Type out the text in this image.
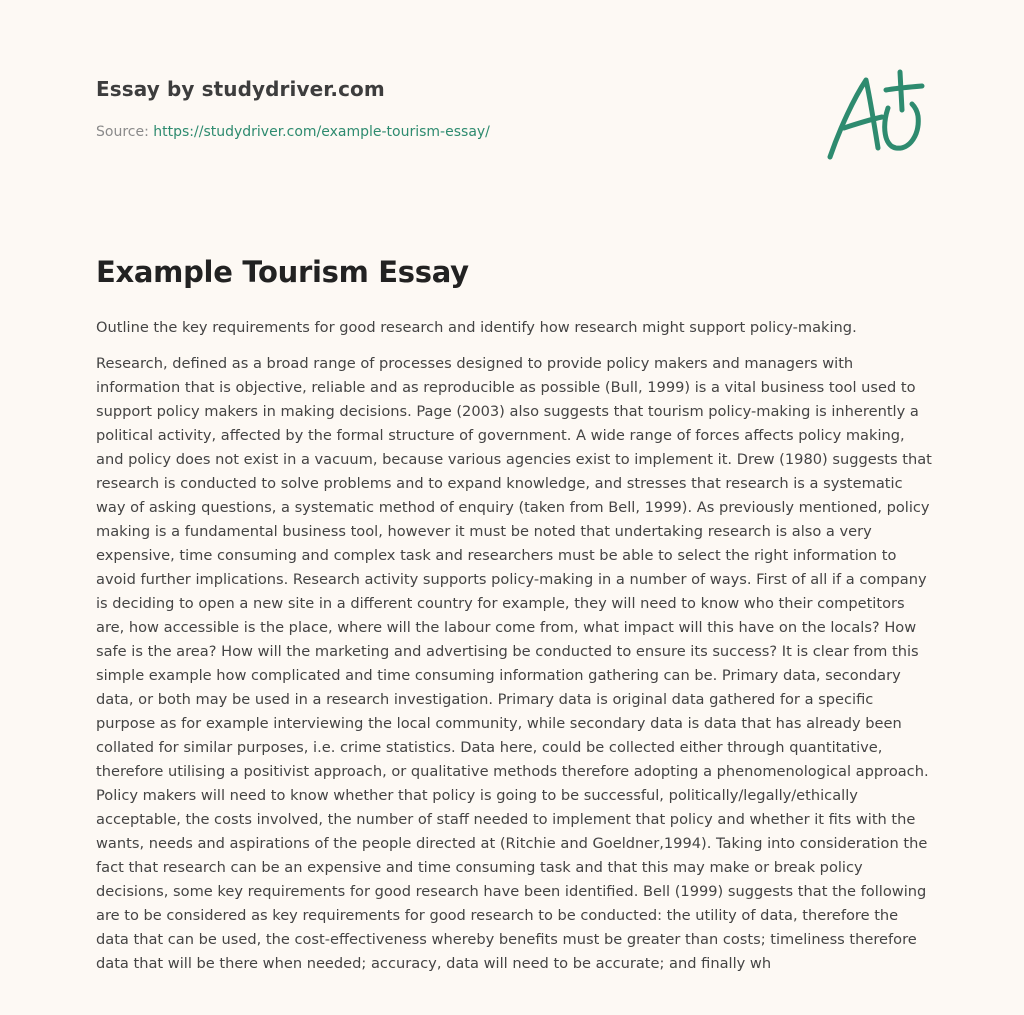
Essay by studydriver.com

Source: https://studydriver.com/example-tourism-essay/

Example Tourism Essay

Outline the key requirements for good research and identify how research might support policy-making.

Research, defined as a broad range of processes designed to provide policy makers and managers with information that is objective, reliable and as reproducible as possible (Bull, 1999) is a vital business tool used to support policy makers in making decisions. Page (2003) also suggests that tourism policy-making is inherently a political activity, affected by the formal structure of government. A wide range of forces affects policy making, and policy does not exist in a vacuum, because various agencies exist to implement it. Drew (1980) suggests that research is conducted to solve problems and to expand knowledge, and stresses that research is a systematic way of asking questions, a systematic method of enquiry (taken from Bell, 1999). As previously mentioned, policy making is a fundamental business tool, however it must be noted that undertaking research is also a very expensive, time consuming and complex task and researchers must be able to select the right information to avoid further implications. Research activity supports policy-making in a number of ways. First of all if a company is deciding to open a new site in a different country for example, they will need to know who their competitors are, how accessible is the place, where will the labour come from, what impact will this have on the locals? How safe is the area? How will the marketing and advertising be conducted to ensure its success? It is clear from this simple example how complicated and time consuming information gathering can be. Primary data, secondary data, or both may be used in a research investigation. Primary data is original data gathered for a specific purpose as for example interviewing the local community, while secondary data is data that has already been collated for similar purposes, i.e. crime statistics. Data here, could be collected either through quantitative, therefore utilising a positivist approach, or qualitative methods therefore adopting a phenomenological approach. Policy makers will need to know whether that policy is going to be successful, politically/legally/ethically acceptable, the costs involved, the number of staff needed to implement that policy and whether it fits with the wants, needs and aspirations of the people directed at (Ritchie and Goeldner,1994). Taking into consideration the fact that research can be an expensive and time consuming task and that this may make or break policy decisions, some key requirements for good research have been identified. Bell (1999) suggests that the following are to be considered as key requirements for good research to be conducted: the utility of data, therefore the data that can be used, the cost-effectiveness whereby benefits must be greater than costs; timeliness therefore data that will be there when needed; accuracy, data will need to be accurate; and finally wh
